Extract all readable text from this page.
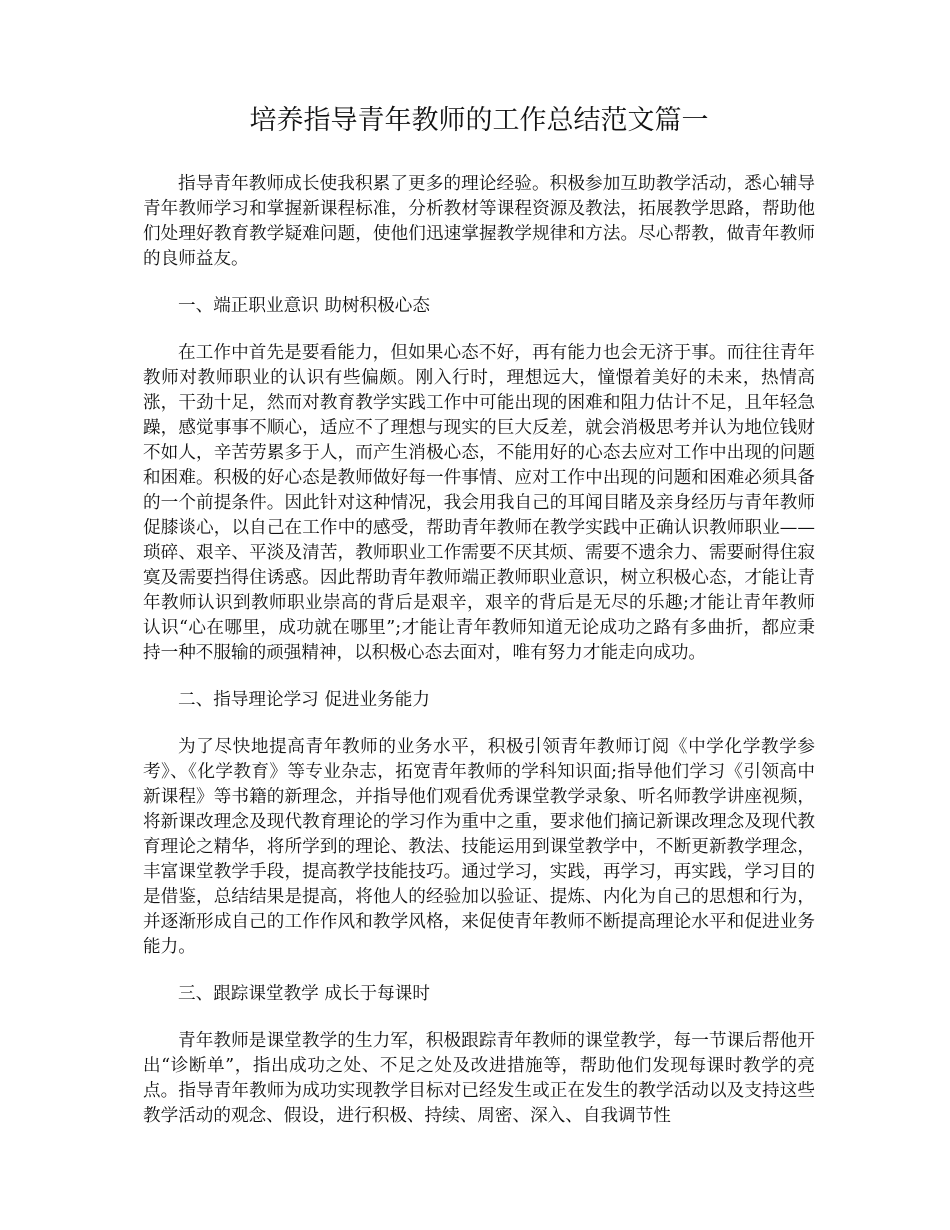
培养指导青年教师的工作总结范文篇一

指导青年教师成长使我积累了更多的理论经验。积极参加互助教学活动，悉心辅导青年教师学习和掌握新课程标准，分析教材等课程资源及教法，拓展教学思路，帮助他们处理好教育教学疑难问题，使他们迅速掌握教学规律和方法。尽心帮教，做青年教师的良师益友。

一、端正职业意识 助树积极心态

在工作中首先是要看能力，但如果心态不好，再有能力也会无济于事。而往往青年教师对教师职业的认识有些偏颇。刚入行时，理想远大，憧憬着美好的未来，热情高涨，干劲十足，然而对教育教学实践工作中可能出现的困难和阻力估计不足，且年轻急躁，感觉事事不顺心，适应不了理想与现实的巨大反差，就会消极思考并认为地位钱财不如人，辛苦劳累多于人，而产生消极心态，不能用好的心态去应对工作中出现的问题和困难。积极的好心态是教师做好每一件事情、应对工作中出现的问题和困难必须具备的一个前提条件。因此针对这种情况，我会用我自己的耳闻目睹及亲身经历与青年教师促膝谈心，以自己在工作中的感受，帮助青年教师在教学实践中正确认识教师职业——琐碎、艰辛、平淡及清苦，教师职业工作需要不厌其烦、需要不遗余力、需要耐得住寂寞及需要挡得住诱惑。因此帮助青年教师端正教师职业意识，树立积极心态，才能让青年教师认识到教师职业崇高的背后是艰辛，艰辛的背后是无尽的乐趣;才能让青年教师认识“心在哪里，成功就在哪里”;才能让青年教师知道无论成功之路有多曲折，都应秉持一种不服输的顽强精神，以积极心态去面对，唯有努力才能走向成功。

二、指导理论学习 促进业务能力

为了尽快地提高青年教师的业务水平，积极引领青年教师订阅《中学化学教学参考》、《化学教育》等专业杂志，拓宽青年教师的学科知识面;指导他们学习《引领高中新课程》等书籍的新理念，并指导他们观看优秀课堂教学录象、听名师教学讲座视频，将新课改理念及现代教育理论的学习作为重中之重，要求他们摘记新课改理念及现代教育理论之精华，将所学到的理论、教法、技能运用到课堂教学中，不断更新教学理念，丰富课堂教学手段，提高教学技能技巧。通过学习，实践，再学习，再实践，学习目的是借鉴，总结结果是提高，将他人的经验加以验证、提炼、内化为自己的思想和行为，并逐渐形成自己的工作作风和教学风格，来促使青年教师不断提高理论水平和促进业务能力。

三、跟踪课堂教学 成长于每课时

青年教师是课堂教学的生力军，积极跟踪青年教师的课堂教学，每一节课后帮他开出“诊断单”，指出成功之处、不足之处及改进措施等，帮助他们发现每课时教学的亮点。指导青年教师为成功实现教学目标对已经发生或正在发生的教学活动以及支持这些教学活动的观念、假设，进行积极、持续、周密、深入、自我调节性
